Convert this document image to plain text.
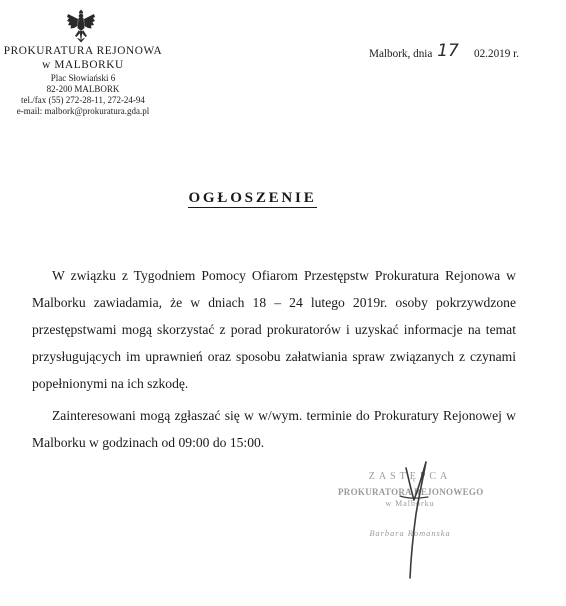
PROKURATURA REJONOWA
w MALBORKU
Plac Słowiański 6
82-200 MALBORK
tel./fax (55) 272-28-11, 272-24-94
e-mail: malbork@prokuratura.gda.pl
Malbork, dnia 17 02.2019 r.
OGŁOSZENIE

W związku z Tygodniem Pomocy Ofiarom Przestępstw Prokuratura Rejonowa w Malborku zawiadamia, że w dniach 18 – 24 lutego 2019r. osoby pokrzywdzone przestępstwami mogą skorzystać z porad prokuratorów i uzyskać informacje na temat przysługujących im uprawnień oraz sposobu załatwiania spraw związanych z czynami popełnionymi na ich szkodę.

Zainteresowani mogą zgłaszać się w w/wym. terminie do Prokuratury Rejonowej w Malborku w godzinach od 09:00 do 15:00.

ZASTĘPCA
PROKURATORA REJONOWEGO
w Malborku
Barbara Romanska
